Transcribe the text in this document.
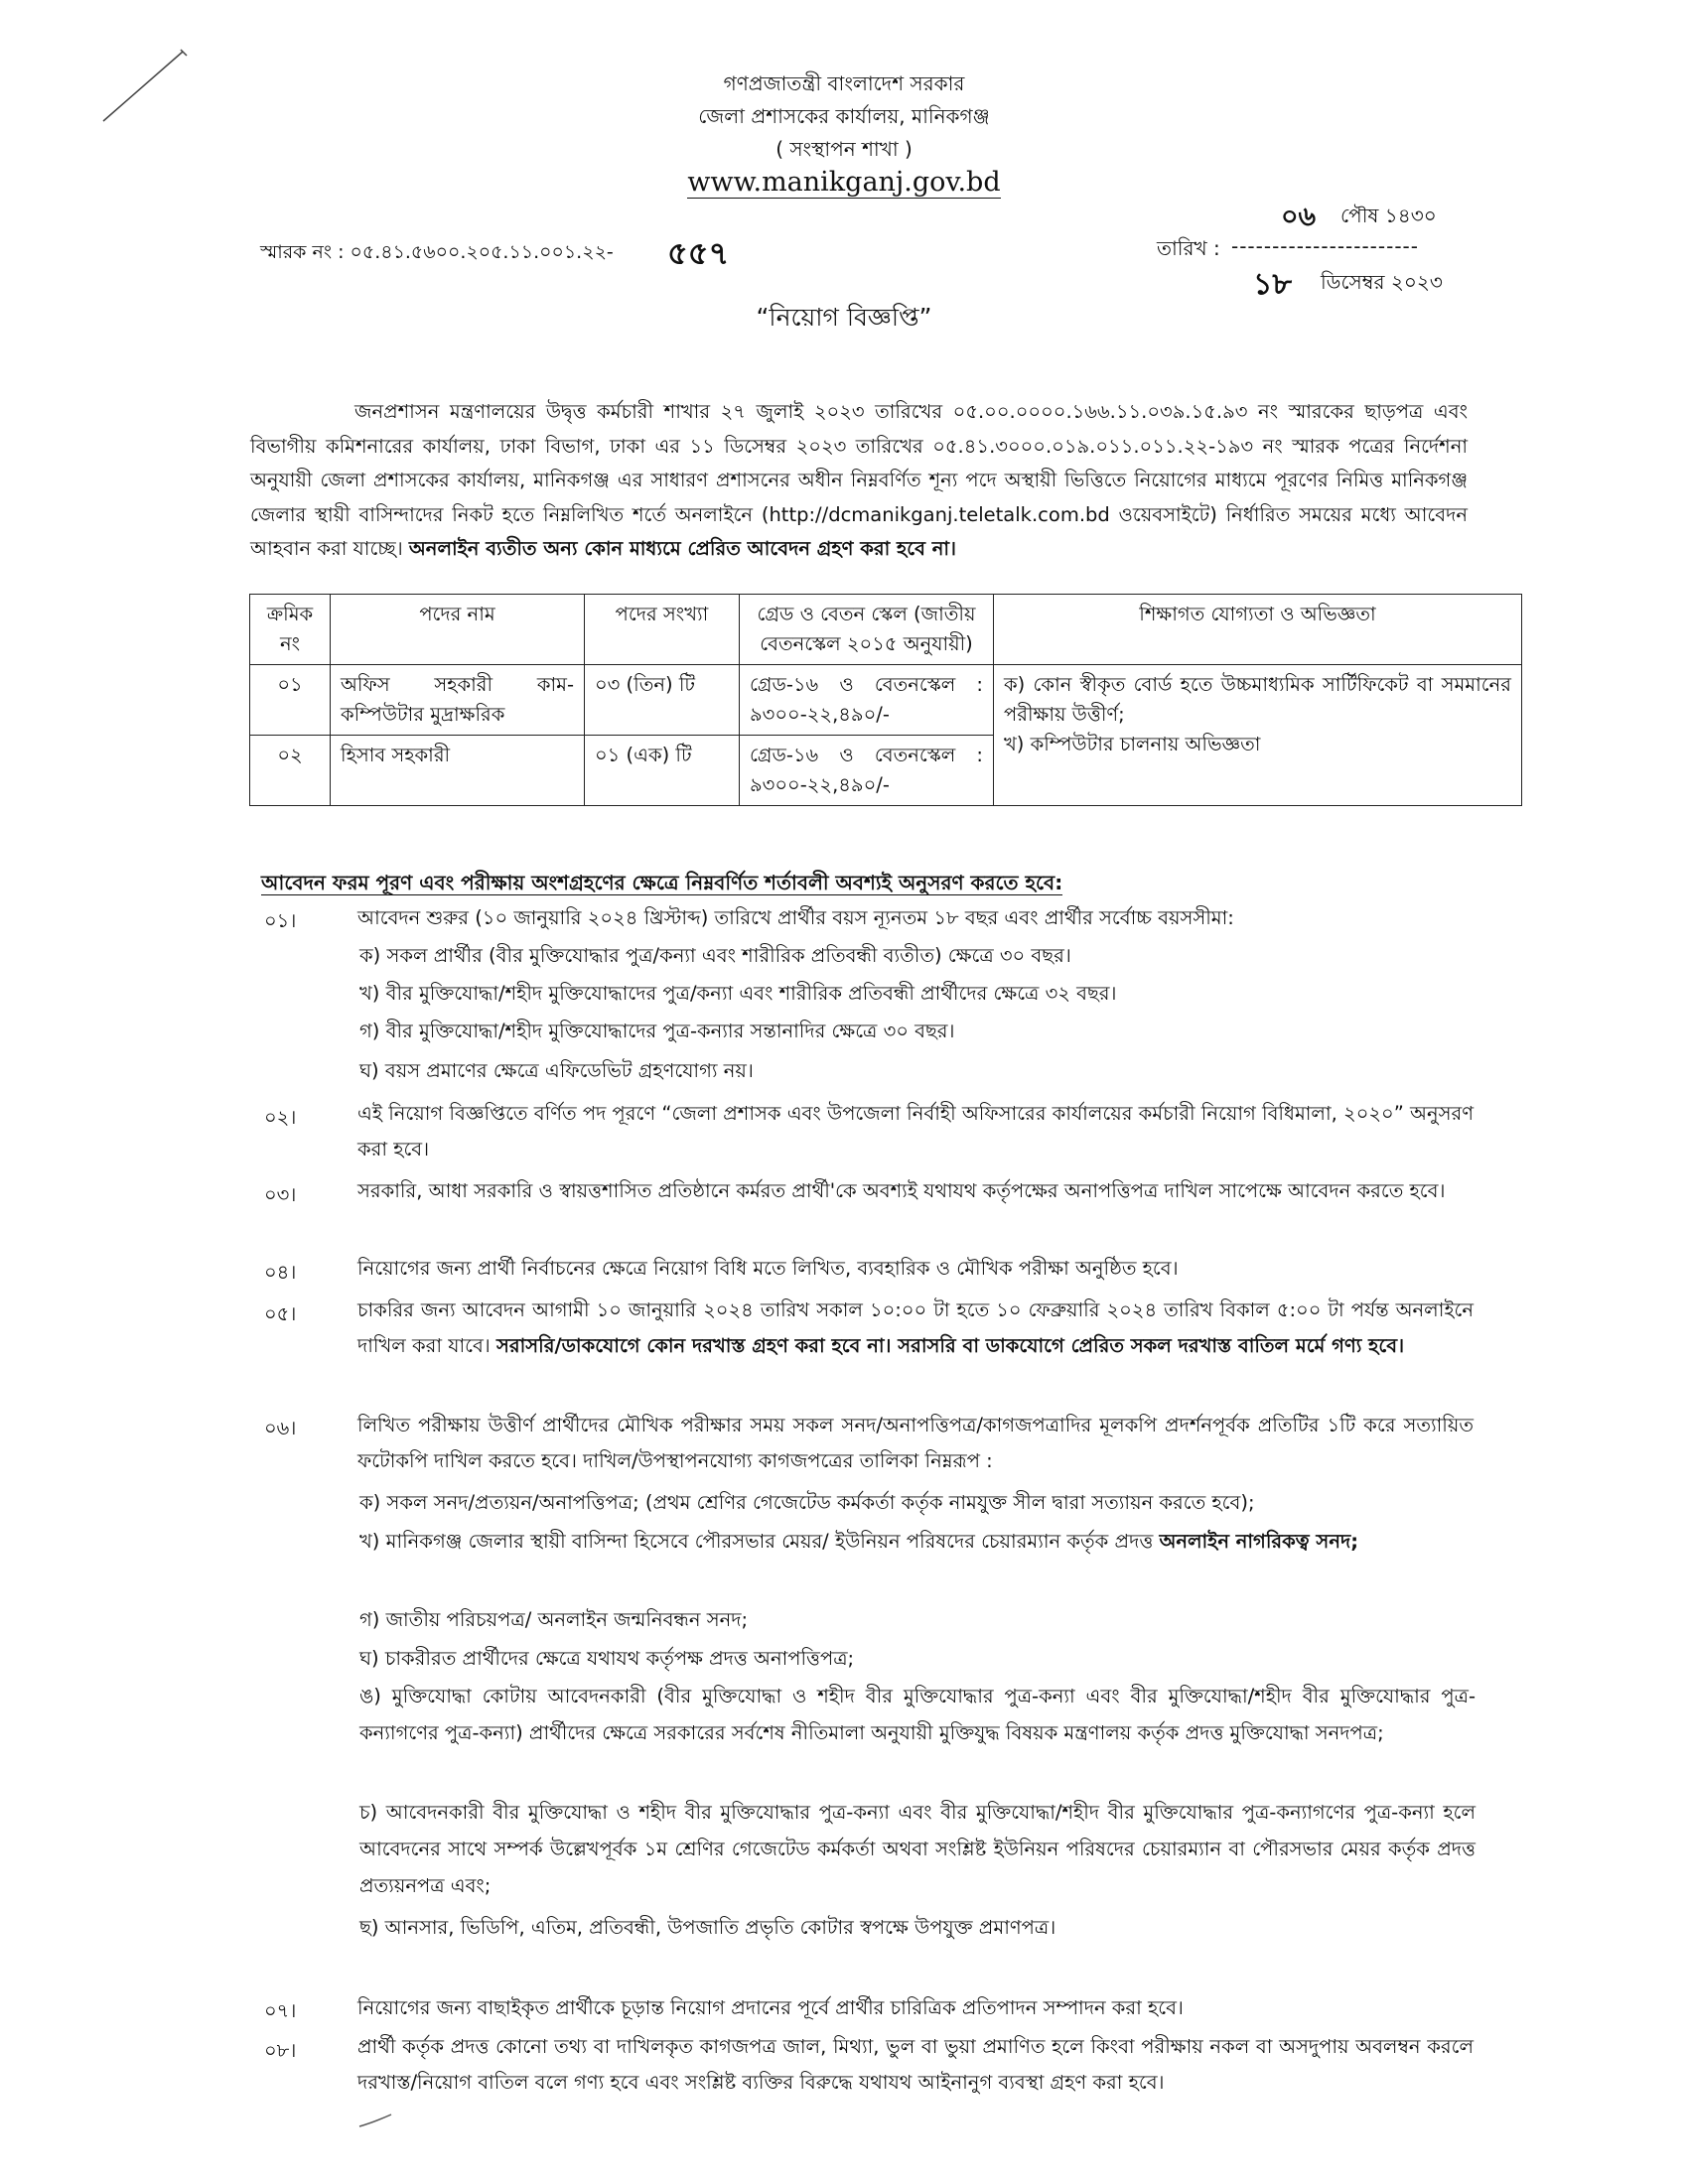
গণপ্রজাতন্ত্রী বাংলাদেশ সরকার
জেলা প্রশাসকের কার্যালয়, মানিকগঞ্জ
( সংস্থাপন শাখা )
www.manikganj.gov.bd
০৬ পৌষ ১৪৩০
তারিখ : -----------------------
স্মারক নং : ০৫.৪১.৫৬০০.২০৫.১১.০০১.২২- ৫৫৭
১৮ ডিসেম্বর ২০২৩
“নিয়োগ বিজ্ঞপ্তি”
জনপ্রশাসন মন্ত্রণালয়ের উদ্বৃত্ত কর্মচারী শাখার ২৭ জুলাই ২০২৩ তারিখের ০৫.০০.০০০০.১৬৬.১১.০৩৯.১৫.৯৩ নং স্মারকের ছাড়পত্র এবং বিভাগীয় কমিশনারের কার্যালয়, ঢাকা বিভাগ, ঢাকা এর ১১ ডিসেম্বর ২০২৩ তারিখের ০৫.৪১.৩০০০.০১৯.০১১.০১১.২২-১৯৩ নং স্মারক পত্রের নির্দেশনা অনুযায়ী জেলা প্রশাসকের কার্যালয়, মানিকগঞ্জ এর সাধারণ প্রশাসনের অধীন নিম্নবর্ণিত শূন্য পদে অস্থায়ী ভিত্তিতে নিয়োগের মাধ্যমে পূরণের নিমিত্ত মানিকগঞ্জ জেলার স্থায়ী বাসিন্দাদের নিকট হতে নিম্নলিখিত শর্তে অনলাইনে (http://dcmanikganj.teletalk.com.bd ওয়েবসাইটে) নির্ধারিত সময়ের মধ্যে আবেদন আহবান করা যাচ্ছে। অনলাইন ব্যতীত অন্য কোন মাধ্যমে প্রেরিত আবেদন গ্রহণ করা হবে না।
ক্রমিক নং	পদের নাম	পদের সংখ্যা	গ্রেড ও বেতন স্কেল (জাতীয় বেতনস্কেল ২০১৫ অনুযায়ী)	শিক্ষাগত যোগ্যতা ও অভিজ্ঞতা
০১	অফিস সহকারী কাম-কম্পিউটার মুদ্রাক্ষরিক	০৩ (তিন) টি	গ্রেড-১৬ ও বেতনস্কেল : ৯৩০০-২২,৪৯০/-	ক) কোন স্বীকৃত বোর্ড হতে উচ্চমাধ্যমিক সার্টিফিকেট বা সমমানের পরীক্ষায় উত্তীর্ণ;
খ) কম্পিউটার চালনায় অভিজ্ঞতা

০২	হিসাব সহকারী	০১ (এক) টি	গ্রেড-১৬ ও বেতনস্কেল : ৯৩০০-২২,৪৯০/-	
আবেদন ফরম পূরণ এবং পরীক্ষায় অংশগ্রহণের ক্ষেত্রে নিম্নবর্ণিত শর্তাবলী অবশ্যই অনুসরণ করতে হবে:
০১।	আবেদন শুরুর (১০ জানুয়ারি ২০২৪ খ্রিস্টাব্দ) তারিখে প্রার্থীর বয়স ন্যূনতম ১৮ বছর এবং প্রার্থীর সর্বোচ্চ বয়সসীমা:
ক) সকল প্রার্থীর (বীর মুক্তিযোদ্ধার পুত্র/কন্যা এবং শারীরিক প্রতিবন্ধী ব্যতীত) ক্ষেত্রে ৩০ বছর।
খ) বীর মুক্তিযোদ্ধা/শহীদ মুক্তিযোদ্ধাদের পুত্র/কন্যা এবং শারীরিক প্রতিবন্ধী প্রার্থীদের ক্ষেত্রে ৩২ বছর।
গ) বীর মুক্তিযোদ্ধা/শহীদ মুক্তিযোদ্ধাদের পুত্র-কন্যার সন্তানাদির ক্ষেত্রে ৩০ বছর।
ঘ) বয়স প্রমাণের ক্ষেত্রে এফিডেভিট গ্রহণযোগ্য নয়।
০২।	এই নিয়োগ বিজ্ঞপ্তিতে বর্ণিত পদ পূরণে “জেলা প্রশাসক এবং উপজেলা নির্বাহী অফিসারের কার্যালয়ের কর্মচারী নিয়োগ বিধিমালা, ২০২০” অনুসরণ করা হবে।
০৩।	সরকারি, আধা সরকারি ও স্বায়ত্তশাসিত প্রতিষ্ঠানে কর্মরত প্রার্থী'কে অবশ্যই যথাযথ কর্তৃপক্ষের অনাপত্তিপত্র দাখিল সাপেক্ষে আবেদন করতে হবে।
০৪।	নিয়োগের জন্য প্রার্থী নির্বাচনের ক্ষেত্রে নিয়োগ বিধি মতে লিখিত, ব্যবহারিক ও মৌখিক পরীক্ষা অনুষ্ঠিত হবে।
০৫।	চাকরির জন্য আবেদন আগামী ১০ জানুয়ারি ২০২৪ তারিখ সকাল ১০:০০ টা হতে ১০ ফেব্রুয়ারি ২০২৪ তারিখ বিকাল ৫:০০ টা পর্যন্ত অনলাইনে দাখিল করা যাবে। সরাসরি/ডাকযোগে কোন দরখাস্ত গ্রহণ করা হবে না। সরাসরি বা ডাকযোগে প্রেরিত সকল দরখাস্ত বাতিল মর্মে গণ্য হবে।
০৬।	লিখিত পরীক্ষায় উত্তীর্ণ প্রার্থীদের মৌখিক পরীক্ষার সময় সকল সনদ/অনাপত্তিপত্র/কাগজপত্রাদির মূলকপি প্রদর্শনপূর্বক প্রতিটির ১টি করে সত্যায়িত ফটোকপি দাখিল করতে হবে। দাখিল/উপস্থাপনযোগ্য কাগজপত্রের তালিকা নিম্নরূপ :
ক) সকল সনদ/প্রত্যয়ন/অনাপত্তিপত্র; (প্রথম শ্রেণির গেজেটেড কর্মকর্তা কর্তৃক নামযুক্ত সীল দ্বারা সত্যায়ন করতে হবে);
খ) মানিকগঞ্জ জেলার স্থায়ী বাসিন্দা হিসেবে পৌরসভার মেয়র/ ইউনিয়ন পরিষদের চেয়ারম্যান কর্তৃক প্রদত্ত অনলাইন নাগরিকত্ব সনদ;
গ) জাতীয় পরিচয়পত্র/ অনলাইন জন্মনিবন্ধন সনদ;
ঘ) চাকরীরত প্রার্থীদের ক্ষেত্রে যথাযথ কর্তৃপক্ষ প্রদত্ত অনাপত্তিপত্র;
ঙ) মুক্তিযোদ্ধা কোটায় আবেদনকারী (বীর মুক্তিযোদ্ধা ও শহীদ বীর মুক্তিযোদ্ধার পুত্র-কন্যা এবং বীর মুক্তিযোদ্ধা/শহীদ বীর মুক্তিযোদ্ধার পুত্র-কন্যাগণের পুত্র-কন্যা) প্রার্থীদের ক্ষেত্রে সরকারের সর্বশেষ নীতিমালা অনুযায়ী মুক্তিযুদ্ধ বিষয়ক মন্ত্রণালয় কর্তৃক প্রদত্ত মুক্তিযোদ্ধা সনদপত্র;
চ) আবেদনকারী বীর মুক্তিযোদ্ধা ও শহীদ বীর মুক্তিযোদ্ধার পুত্র-কন্যা এবং বীর মুক্তিযোদ্ধা/শহীদ বীর মুক্তিযোদ্ধার পুত্র-কন্যাগণের পুত্র-কন্যা হলে আবেদনের সাথে সম্পর্ক উল্লেখপূর্বক ১ম শ্রেণির গেজেটেড কর্মকর্তা অথবা সংশ্লিষ্ট ইউনিয়ন পরিষদের চেয়ারম্যান বা পৌরসভার মেয়র কর্তৃক প্রদত্ত প্রত্যয়নপত্র এবং;
ছ) আনসার, ভিডিপি, এতিম, প্রতিবন্ধী, উপজাতি প্রভৃতি কোটার স্বপক্ষে উপযুক্ত প্রমাণপত্র।
০৭।	নিয়োগের জন্য বাছাইকৃত প্রার্থীকে চূড়ান্ত নিয়োগ প্রদানের পূর্বে প্রার্থীর চারিত্রিক প্রতিপাদন সম্পাদন করা হবে।
০৮।	প্রার্থী কর্তৃক প্রদত্ত কোনো তথ্য বা দাখিলকৃত কাগজপত্র জাল, মিথ্যা, ভুল বা ভুয়া প্রমাণিত হলে কিংবা পরীক্ষায় নকল বা অসদুপায় অবলম্বন করলে দরখাস্ত/নিয়োগ বাতিল বলে গণ্য হবে এবং সংশ্লিষ্ট ব্যক্তির বিরুদ্ধে যথাযথ আইনানুগ ব্যবস্থা গ্রহণ করা হবে।
